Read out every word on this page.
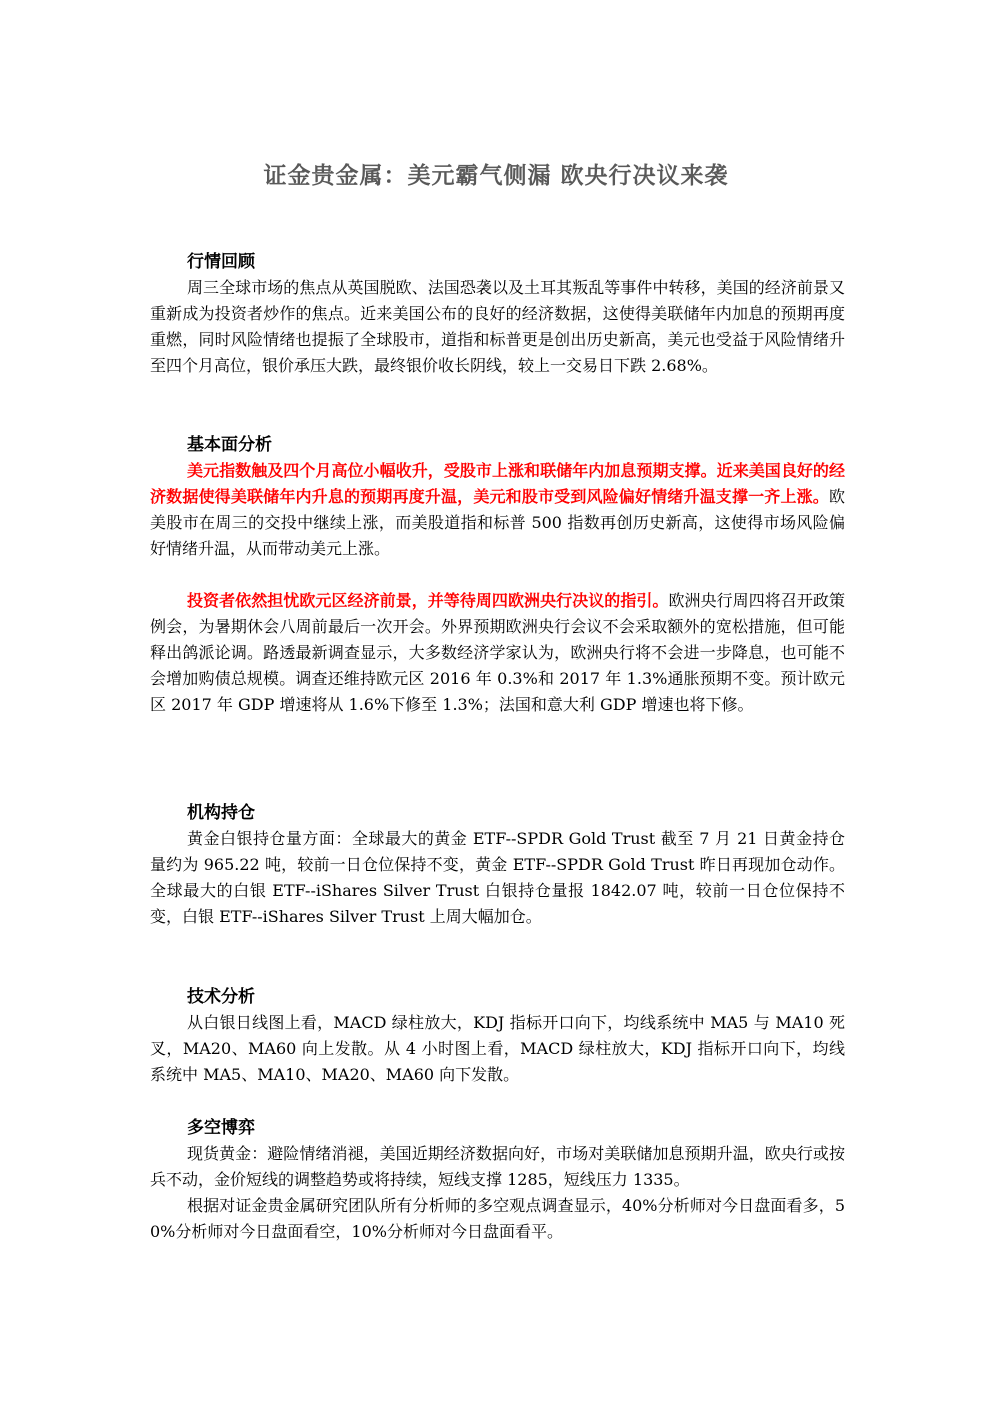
证金贵金属：美元霸气侧漏 欧央行决议来袭

行情回顾

周三全球市场的焦点从英国脱欧、法国恐袭以及土耳其叛乱等事件中转移，美国的经济前景又重新成为投资者炒作的焦点。近来美国公布的良好的经济数据，这使得美联储年内加息的预期再度重燃，同时风险情绪也提振了全球股市，道指和标普更是创出历史新高，美元也受益于风险情绪升至四个月高位，银价承压大跌，最终银价收长阴线，较上一交易日下跌 2.68%。

基本面分析

美元指数触及四个月高位小幅收升，受股市上涨和联储年内加息预期支撑。近来美国良好的经济数据使得美联储年内升息的预期再度升温，美元和股市受到风险偏好情绪升温支撑一齐上涨。欧美股市在周三的交投中继续上涨，而美股道指和标普 500 指数再创历史新高，这使得市场风险偏好情绪升温，从而带动美元上涨。

投资者依然担忧欧元区经济前景，并等待周四欧洲央行决议的指引。欧洲央行周四将召开政策例会，为暑期休会八周前最后一次开会。外界预期欧洲央行会议不会采取额外的宽松措施，但可能释出鸽派论调。路透最新调查显示，大多数经济学家认为，欧洲央行将不会进一步降息，也可能不会增加购债总规模。调查还维持欧元区 2016 年 0.3%和 2017 年 1.3%通胀预期不变。预计欧元区 2017 年 GDP 增速将从 1.6%下修至 1.3%；法国和意大利 GDP 增速也将下修。

机构持仓

黄金白银持仓量方面：全球最大的黄金 ETF--SPDR Gold Trust 截至 7 月 21 日黄金持仓量约为 965.22 吨，较前一日仓位保持不变，黄金 ETF--SPDR Gold Trust 昨日再现加仓动作。全球最大的白银 ETF--iShares Silver Trust 白银持仓量报 1842.07 吨，较前一日仓位保持不变，白银 ETF--iShares Silver Trust 上周大幅加仓。

技术分析

从白银日线图上看，MACD 绿柱放大，KDJ 指标开口向下，均线系统中 MA5 与 MA10 死叉，MA20、MA60 向上发散。从 4 小时图上看，MACD 绿柱放大，KDJ 指标开口向下，均线系统中 MA5、MA10、MA20、MA60 向下发散。

多空博弈

现货黄金：避险情绪消褪，美国近期经济数据向好，市场对美联储加息预期升温，欧央行或按兵不动，金价短线的调整趋势或将持续，短线支撑 1285，短线压力 1335。

根据对证金贵金属研究团队所有分析师的多空观点调查显示，40%分析师对今日盘面看多，50%分析师对今日盘面看空，10%分析师对今日盘面看平。
